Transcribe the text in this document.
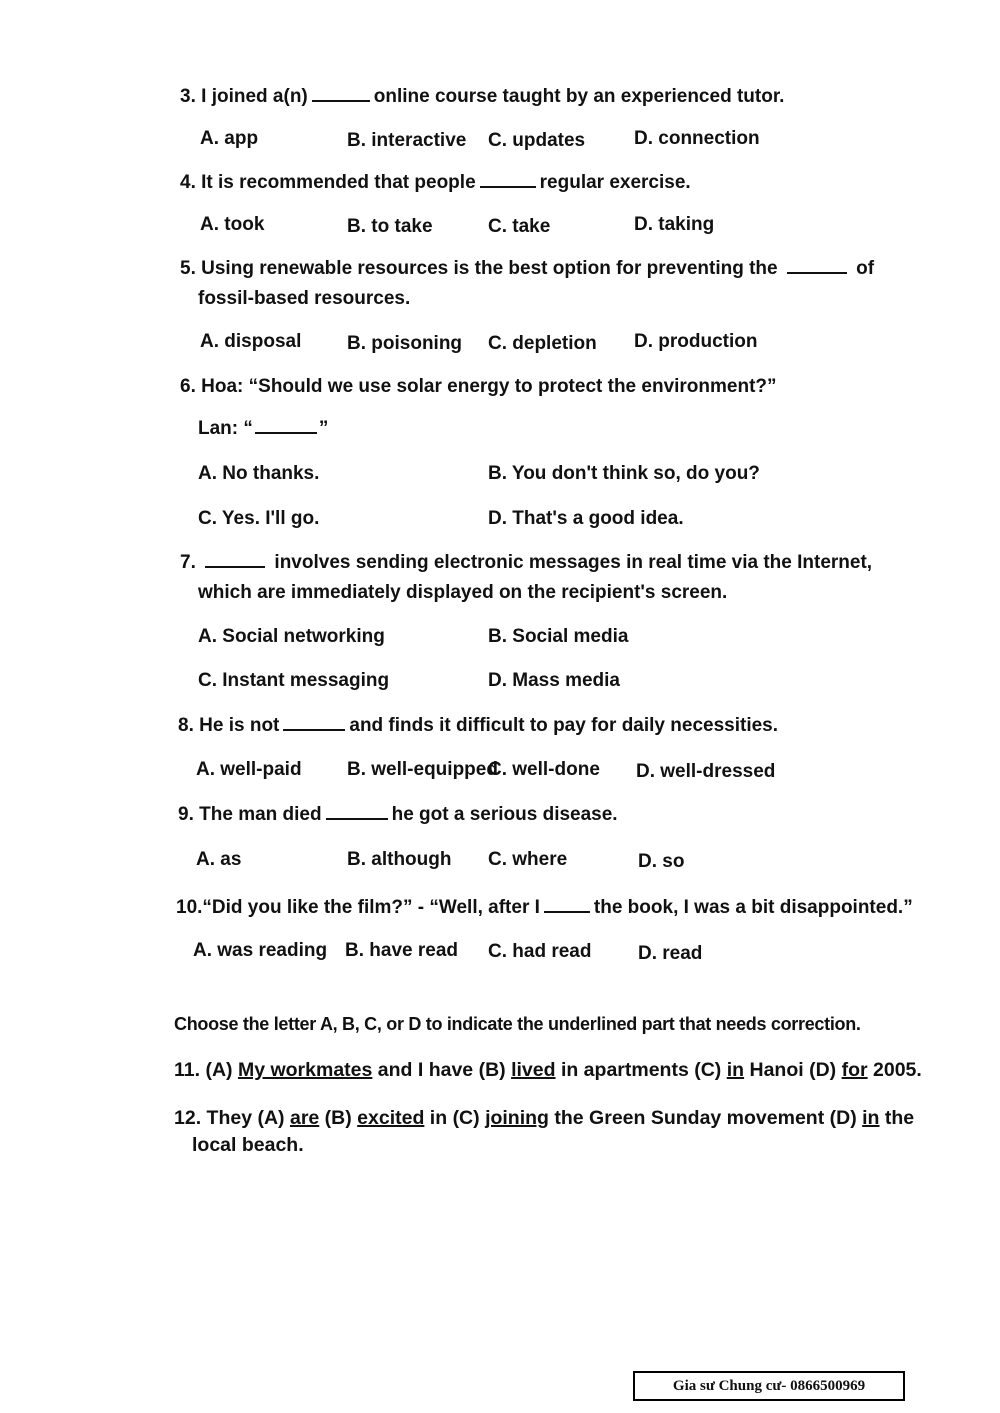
3. I joined a(n)	online course taught by an experienced tutor.
A. app	B. interactive C. updates	D. connection
4. It is recommended that people	regular exercise.
A. took	B. to take	C. take	D. taking
5. Using renewable resources is the best option for preventing the	of
fossil-based resources.
A. disposal B. poisoning C. depletion D. production
6. Hoa: “Should we use solar energy to protect the environment?”
Lan: “	”
A. No thanks.	B. You don't think so, do you?
C. Yes. I'll go.	D. That's a good idea.
7.	involves sending electronic messages in real time via the Internet,
which are immediately displayed on the recipient's screen.
A. Social networking	B. Social media
C. Instant messaging	D. Mass media
8. He is not	and finds it difficult to pay for daily necessities.
A. well-paid B. well-equipped
C. well-done D. well-dressed
9. The man died	he got a serious disease.
A. as	B. although C. where	D. so
10.“Did you like the film?” - “Well, after I	the book, I was a bit disappointed.”
A. was reading B. have read C. had read D. read
Choose the letter A, B, C, or D to indicate the underlined part that needs correction.
11. (A) My workmates and I have (B) lived in apartments (C) in Hanoi (D) for 2005.
12. They (A) are (B) excited in (C) joining the Green Sunday movement (D) in the
local beach.
Gia sư Chung cư- 0866500969
